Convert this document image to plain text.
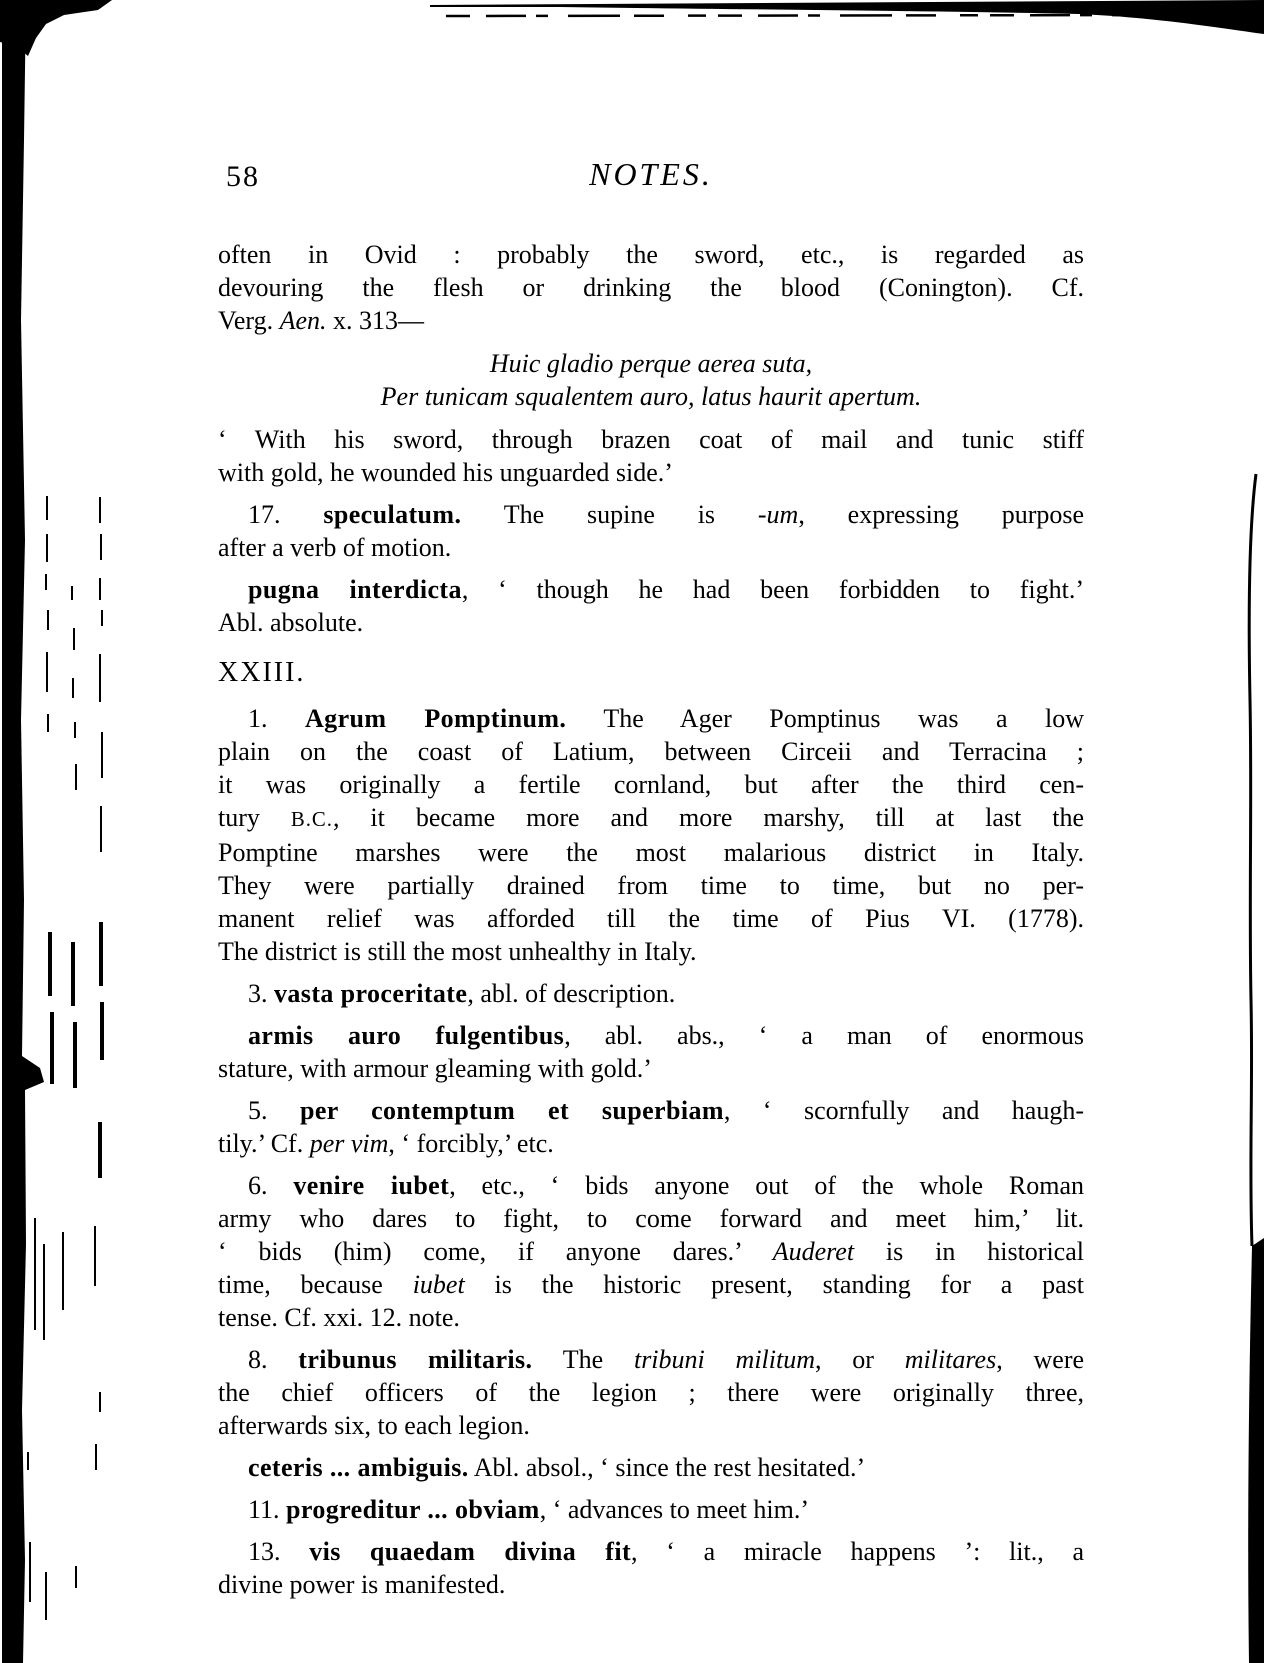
58	NOTES.
often in Ovid : probably the sword, etc., is regarded as
devouring the flesh or drinking the blood (Conington). Cf.
Verg. Aen. x. 313—
Huic gladio perque aerea suta,
Per tunicam squalentem auro, latus haurit apertum.
‘ With his sword, through brazen coat of mail and tunic stiff
with gold, he wounded his unguarded side.’
17. speculatum. The supine is -um, expressing purpose
after a verb of motion.
pugna interdicta, ‘ though he had been forbidden to fight.’
Abl. absolute.
XXIII.
1. Agrum Pomptinum. The Ager Pomptinus was a low
plain on the coast of Latium, between Circeii and Terracina ;
it was originally a fertile cornland, but after the third cen-
tury B.C., it became more and more marshy, till at last the
Pomptine marshes were the most malarious district in Italy.
They were partially drained from time to time, but no per-
manent relief was afforded till the time of Pius VI. (1778).
The district is still the most unhealthy in Italy.
3. vasta proceritate, abl. of description.
armis auro fulgentibus, abl. abs., ‘ a man of enormous
stature, with armour gleaming with gold.’
5. per contemptum et superbiam, ‘ scornfully and haugh-
tily.’ Cf. per vim, ‘ forcibly,’ etc.
6. venire iubet, etc., ‘ bids anyone out of the whole Roman
army who dares to fight, to come forward and meet him,’ lit.
‘ bids (him) come, if anyone dares.’ Auderet is in historical
time, because iubet is the historic present, standing for a past
tense. Cf. xxi. 12. note.
8. tribunus militaris. The tribuni militum, or militares, were
the chief officers of the legion ; there were originally three,
afterwards six, to each legion.
ceteris ... ambiguis. Abl. absol., ‘ since the rest hesitated.’
11. progreditur ... obviam, ‘ advances to meet him.’
13. vis quaedam divina fit, ‘ a miracle happens ’: lit., a
divine power is manifested.
